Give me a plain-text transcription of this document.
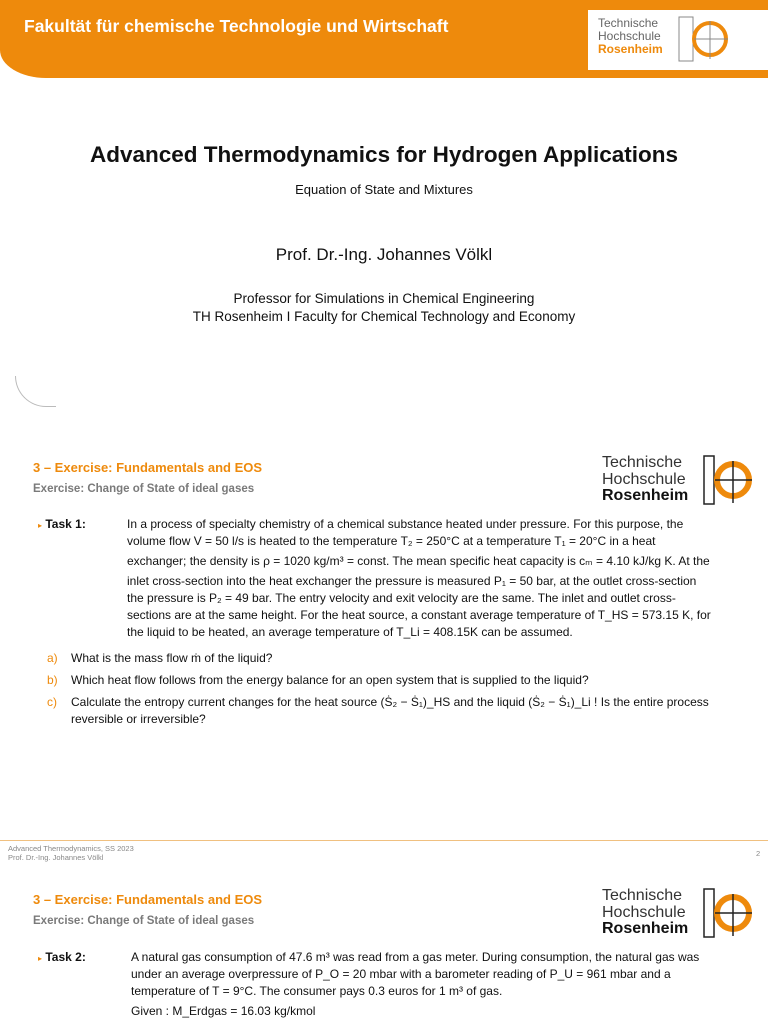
Fakultät für chemische Technologie und Wirtschaft	Technische
Hochschule
Rosenheim
Advanced Thermodynamics for Hydrogen Applications
Equation of State and Mixtures
Prof. Dr.-Ing. Johannes Völkl
Professor for Simulations in Chemical Engineering
TH Rosenheim I Faculty for Chemical Technology and Economy
3 – Exercise: Fundamentals and EOS
Exercise: Change of State of ideal gases
Technische
Hochschule
Rosenheim
▸ Task 1:	In a process of specialty chemistry of a chemical substance heated under pressure. For this purpose, the
volume flow V = 50 l/s is heated to the temperature T₂ = 250°C at a temperature T₁ = 20°C in a heat
exchanger; the density is ρ = 1020 kg/m³ = const. The mean specific heat capacity is cₘ = 4.10 kJ/kg K. At the
inlet cross-section into the heat exchanger the pressure is measured P₁ = 50 bar, at the outlet cross-section
the pressure is P₂ = 49 bar. The entry velocity and exit velocity are the same. The inlet and outlet cross-
sections are at the same height. For the heat source, a constant average temperature of T_HS = 573.15 K, for
the liquid to be heated, an average temperature of T_Li = 408.15K can be assumed.
a) What is the mass flow ṁ of the liquid?
b) Which heat flow follows from the energy balance for an open system that is supplied to the liquid?
c) Calculate the entropy current changes for the heat source (Ṡ₂ − Ṡ₁)_HS and the liquid (Ṡ₂ − Ṡ₁)_Li ! Is the entire process
reversible or irreversible?
Advanced Thermodynamics, SS 2023
Prof. Dr.-Ing. Johannes Völkl	2
3 – Exercise: Fundamentals and EOS
Exercise: Change of State of ideal gases
Technische
Hochschule
Rosenheim
▸ Task 2:	A natural gas consumption of 47.6 m³ was read from a gas meter. During consumption, the natural gas was
under an average overpressure of P_O = 20 mbar with a barometer reading of P_U = 961 mbar and a
temperature of T = 9°C. The consumer pays 0.3 euros for 1 m³ of gas.
Given : M_Erdgas = 16.03 kg/kmol
